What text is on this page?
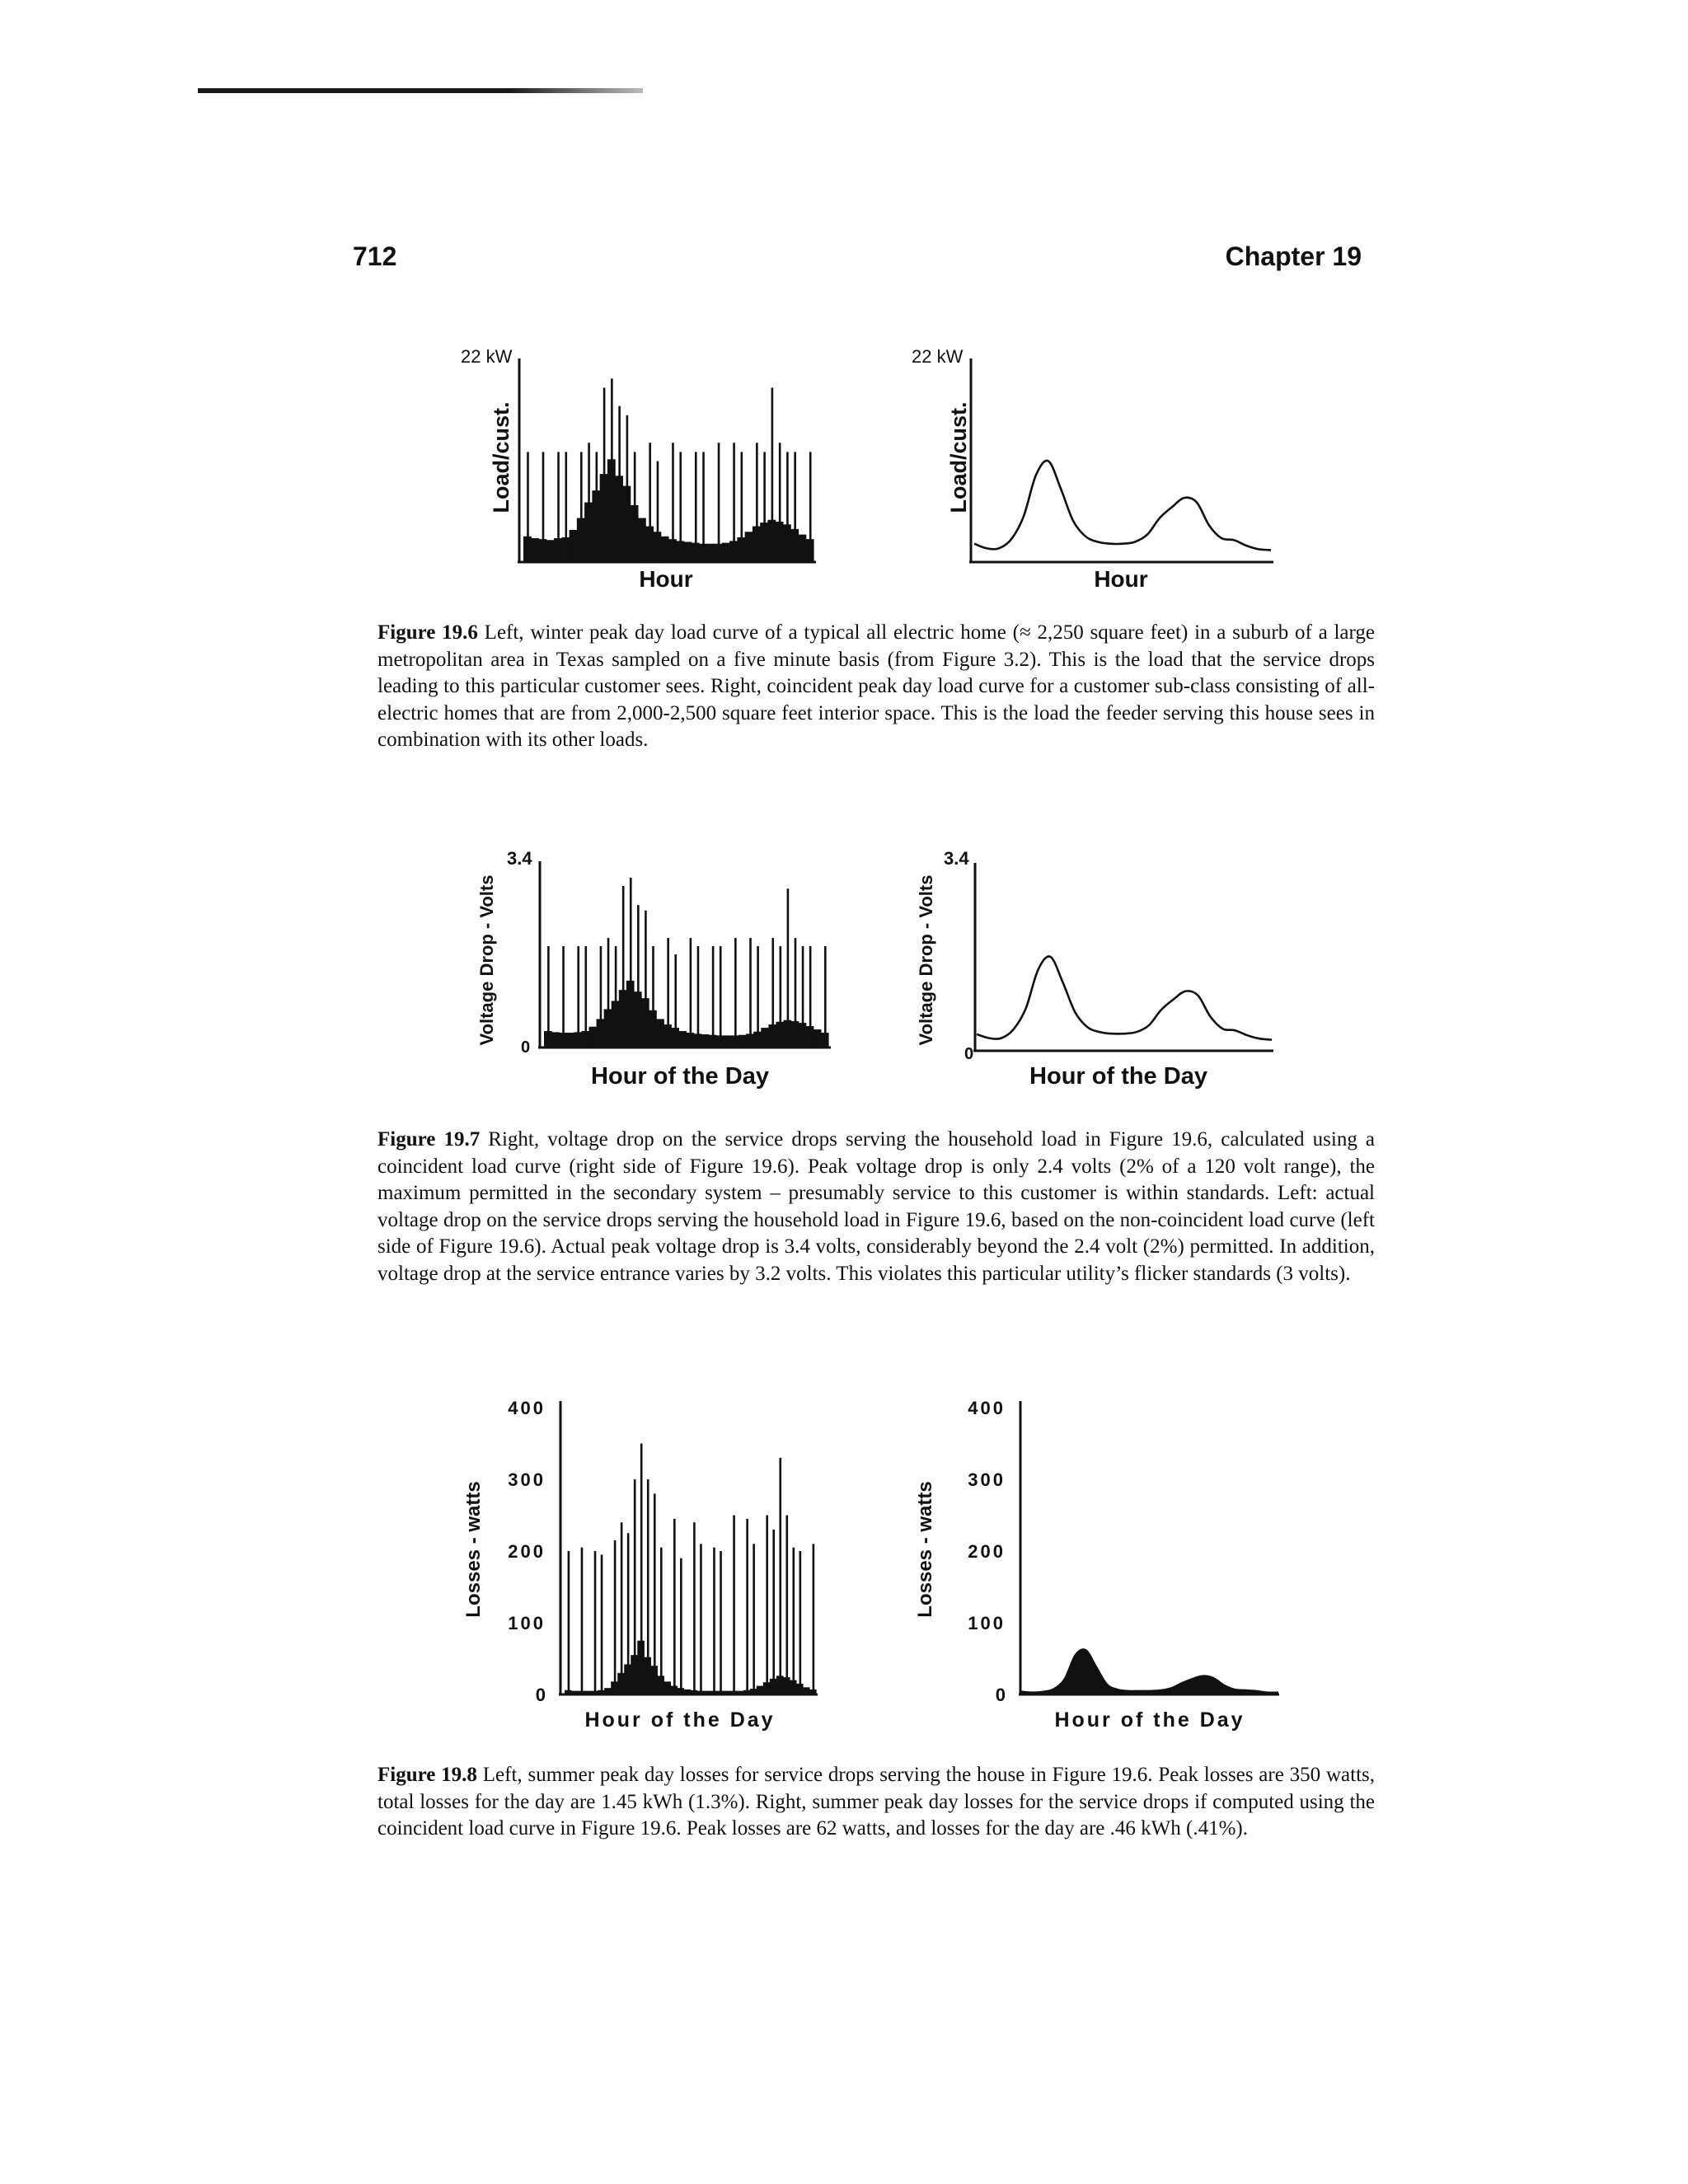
712	Chapter 19
22 kW
Load/cust.
Hour
22 kW
Load/cust.
Hour
Figure 19.6 Left, winter peak day load curve of a typical all electric home (≈ 2,250 square feet) in a suburb of a large metropolitan area in Texas sampled on a five minute basis (from Figure 3.2). This is the load that the service drops leading to this particular customer sees. Right, coincident peak day load curve for a customer sub-class consisting of all-electric homes that are from 2,000-2,500 square feet interior space. This is the load the feeder serving this house sees in combination with its other loads.
3.4
0
Voltage Drop - Volts
Hour of the Day
3.4
0
Voltage Drop - Volts
Hour of the Day
Figure 19.7 Right, voltage drop on the service drops serving the household load in Figure 19.6, calculated using a coincident load curve (right side of Figure 19.6). Peak voltage drop is only 2.4 volts (2% of a 120 volt range), the maximum permitted in the secondary system – presumably service to this customer is within standards. Left: actual voltage drop on the service drops serving the household load in Figure 19.6, based on the non-coincident load curve (left side of Figure 19.6). Actual peak voltage drop is 3.4 volts, considerably beyond the 2.4 volt (2%) permitted. In addition, voltage drop at the service entrance varies by 3.2 volts. This violates this particular utility’s flicker standards (3 volts).
Losses - watts
400
300
200
100
0
Hour of the Day
Losses - watts
400
300
200
100
0
Hour of the Day
Figure 19.8 Left, summer peak day losses for service drops serving the house in Figure 19.6. Peak losses are 350 watts, total losses for the day are 1.45 kWh (1.3%). Right, summer peak day losses for the service drops if computed using the coincident load curve in Figure 19.6. Peak losses are 62 watts, and losses for the day are .46 kWh (.41%).
